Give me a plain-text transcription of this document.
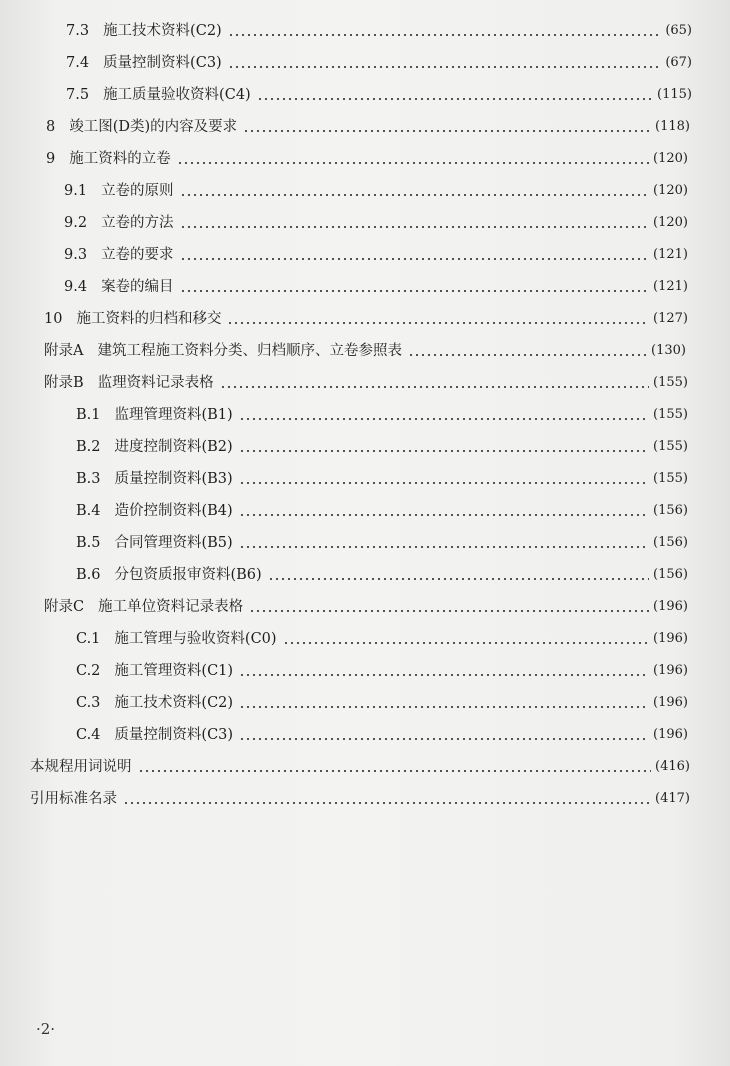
7.3 施工技术资料(C2)	(65)
7.4 质量控制资料(C3)	(67)
7.5 施工质量验收资料(C4)	(115)
8 竣工图(D类)的内容及要求	(118)
9 施工资料的立卷	(120)
9.1 立卷的原则	(120)
9.2 立卷的方法	(120)
9.3 立卷的要求	(121)
9.4 案卷的编目	(121)
10 施工资料的归档和移交	(127)
附录A 建筑工程施工资料分类、归档顺序、立卷参照表	(130)
附录B 监理资料记录表格	(155)
B.1 监理管理资料(B1)	(155)
B.2 进度控制资料(B2)	(155)
B.3 质量控制资料(B3)	(155)
B.4 造价控制资料(B4)	(156)
B.5 合同管理资料(B5)	(156)
B.6 分包资质报审资料(B6)	(156)
附录C 施工单位资料记录表格	(196)
C.1 施工管理与验收资料(C0)	(196)
C.2 施工管理资料(C1)	(196)
C.3 施工技术资料(C2)	(196)
C.4 质量控制资料(C3)	(196)
本规程用词说明	(416)
引用标准名录	(417)
·2·
